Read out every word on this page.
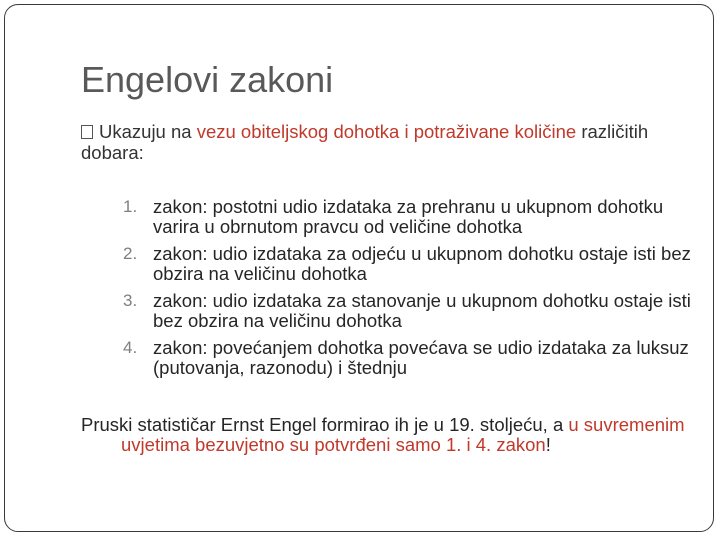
Engelovi zakoni
Ukazuju na vezu obiteljskog dohotka i potraživane količine različitih dobara:
1. zakon: postotni udio izdataka za prehranu u ukupnom dohotku varira u obrnutom pravcu od veličine dohotka
2. zakon: udio izdataka za odjeću u ukupnom dohotku ostaje isti bez obzira na veličinu dohotka
3. zakon: udio izdataka za stanovanje u ukupnom dohotku ostaje isti bez obzira na veličinu dohotka
4. zakon: povećanjem dohotka povećava se udio izdataka za luksuz (putovanja, razonodu) i štednju
Pruski statističar Ernst Engel formirao ih je u 19. stoljeću, a u suvremenim uvjetima bezuvjetno su potvrđeni samo 1. i 4. zakon!
